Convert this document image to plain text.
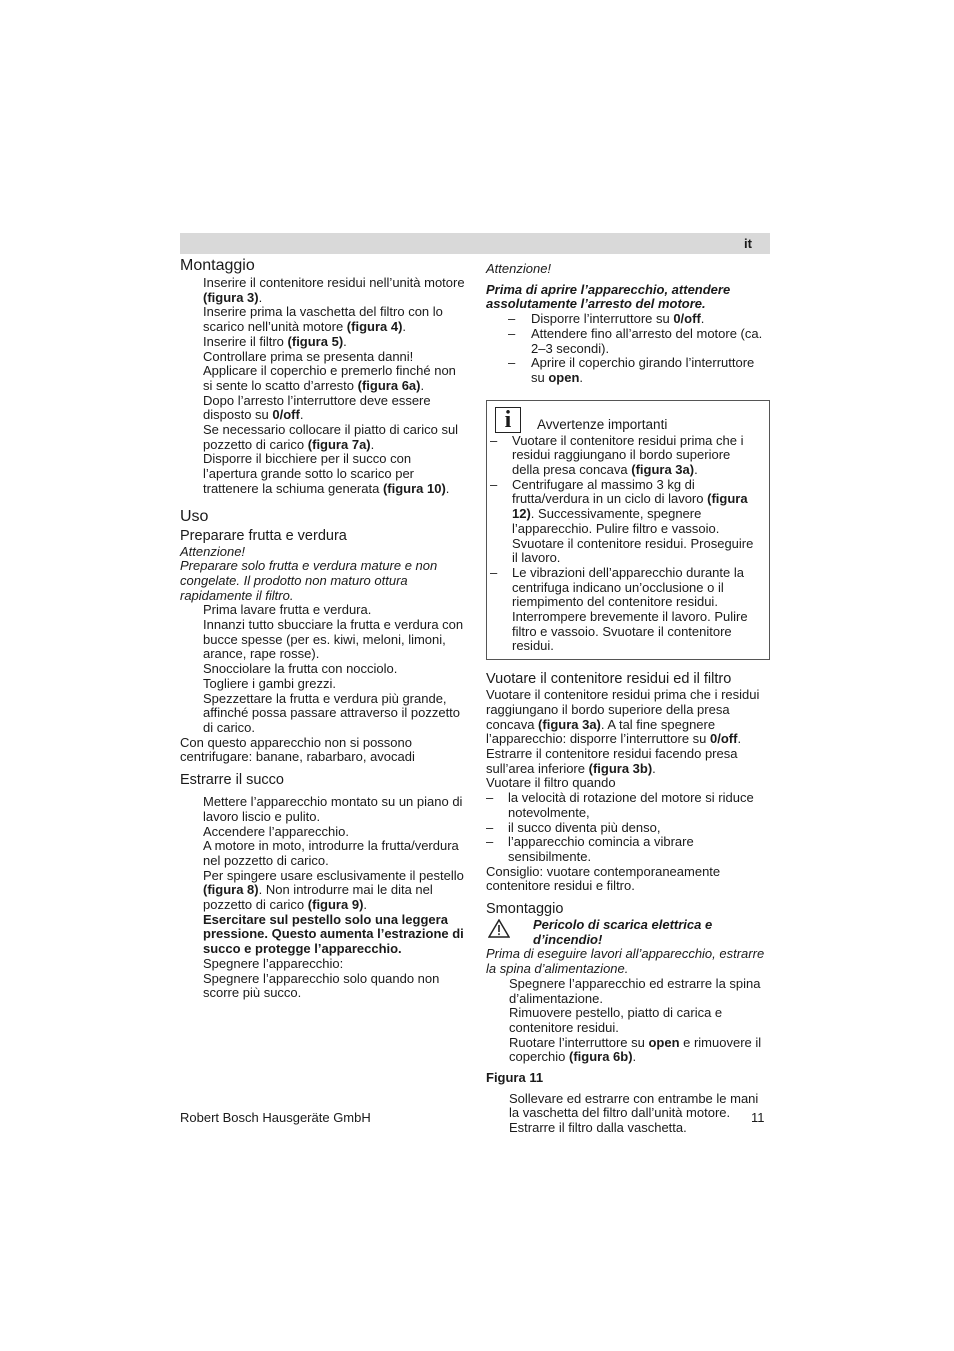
it
Montaggio

Inserire il contenitore residui nell’unità motore (figura 3).

Inserire prima la vaschetta del filtro con lo scarico nell’unità motore (figura 4).

Inserire il filtro (figura 5).

Controllare prima se presenta danni!

Applicare il coperchio e premerlo finché non si sente lo scatto d’arresto (figura 6a).

Dopo l’arresto l’interruttore deve essere disposto su 0/off.

Se necessario collocare il piatto di carico sul pozzetto di carico (figura 7a).

Disporre il bicchiere per il succo con l’apertura grande sotto lo scarico per trattenere la schiuma generata (figura 10).

Uso
Preparare frutta e verdura

Attenzione!

Preparare solo frutta e verdura mature e non congelate. Il prodotto non maturo ottura rapidamente il filtro.

Prima lavare frutta e verdura.

Innanzi tutto sbucciare la frutta e verdura con bucce spesse (per es. kiwi, meloni, limoni, arance, rape rosse).

Snocciolare la frutta con nocciolo.

Togliere i gambi grezzi.

Spezzettare la frutta e verdura più grande, affinché possa passare attraverso il pozzetto di carico.

Con questo apparecchio non si possono centrifugare: banane, rabarbaro, avocadi

Estrarre il succo

Mettere l’apparecchio montato su un piano di lavoro liscio e pulito.

Accendere l’apparecchio.

A motore in moto, introdurre la frutta/verdura nel pozzetto di carico.

Per spingere usare esclusivamente il pestello (figura 8). Non introdurre mai le dita nel pozzetto di carico (figura 9).

Esercitare sul pestello solo una leggera pressione. Questo aumenta l’estrazione di succo e protegge l’apparecchio.

Spegnere l’apparecchio:

Spegnere l’apparecchio solo quando non scorre più succo.

Attenzione!

Prima di aprire l’apparecchio, attendere assolutamente l’arresto del motore.

– Disporre l’interruttore su 0/off.
– Attendere fino all’arresto del motore (ca. 2–3 secondi).
– Aprire il coperchio girando l’interruttore su open.
i Avvertenze importanti
– Vuotare il contenitore residui prima che i residui raggiungano il bordo superiore della presa concava (figura 3a).
– Centrifugare al massimo 3 kg di frutta/verdura in un ciclo di lavoro (figura 12). Successivamente, spegnere l’apparecchio. Pulire filtro e vassoio. Svuotare il contenitore residui. Proseguire il lavoro.
– Le vibrazioni dell’apparecchio durante la centrifuga indicano un’occlusione o il riempimento del contenitore residui. Interrompere brevemente il lavoro. Pulire filtro e vassoio. Svuotare il contenitore residui.
Vuotare il contenitore residui ed il filtro

Vuotare il contenitore residui prima che i residui raggiungano il bordo superiore della presa concava (figura 3a). A tal fine spegnere l’apparecchio: disporre l’interruttore su 0/off.

Estrarre il contenitore residui facendo presa sull’area inferiore (figura 3b).

Vuotare il filtro quando

– la velocità di rotazione del motore si riduce notevolmente,
– il succo diventa più denso,
– l’apparecchio comincia a vibrare sensibilmente.

Consiglio: vuotare contemporaneamente contenitore residui e filtro.

Smontaggio

Pericolo di scarica elettrica e d’incendio!

Prima di eseguire lavori all’apparecchio, estrarre la spina d’alimentazione.

Spegnere l’apparecchio ed estrarre la spina d’alimentazione.

Rimuovere pestello, piatto di carica e contenitore residui.

Ruotare l’interruttore su open e rimuovere il coperchio (figura 6b).

Figura 11

Sollevare ed estrarre con entrambe le mani la vaschetta del filtro dall’unità motore.

Estrarre il filtro dalla vaschetta.

Robert Bosch Hausgeräte GmbH	11
